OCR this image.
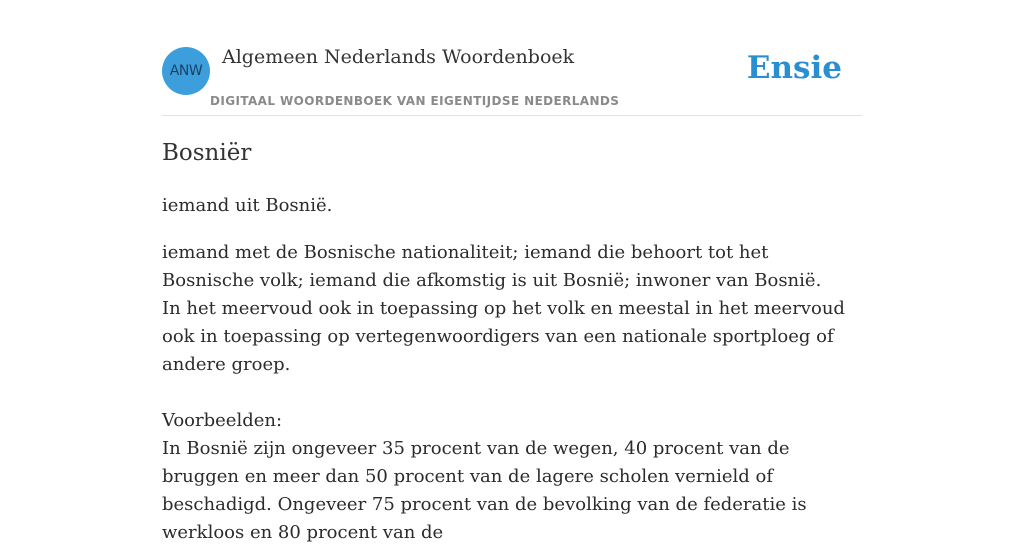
ANW
Algemeen Nederlands Woordenboek
DIGITAAL WOORDENBOEK VAN EIGENTIJDSE NEDERLANDS
Ensie
Bosniër

iemand uit Bosnië.

iemand met de Bosnische nationaliteit; iemand die behoort tot het Bosnische volk; iemand die afkomstig is uit Bosnië; inwoner van Bosnië.

In het meervoud ook in toepassing op het volk en meestal in het meervoud ook in toepassing op vertegenwoordigers van een nationale sportploeg of andere groep.

Voorbeelden:

In Bosnië zijn ongeveer 35 procent van de wegen, 40 procent van de bruggen en meer dan 50 procent van de lagere scholen vernield of beschadigd. Ongeveer 75 procent van de bevolking van de federatie is werkloos en 80 procent van de
